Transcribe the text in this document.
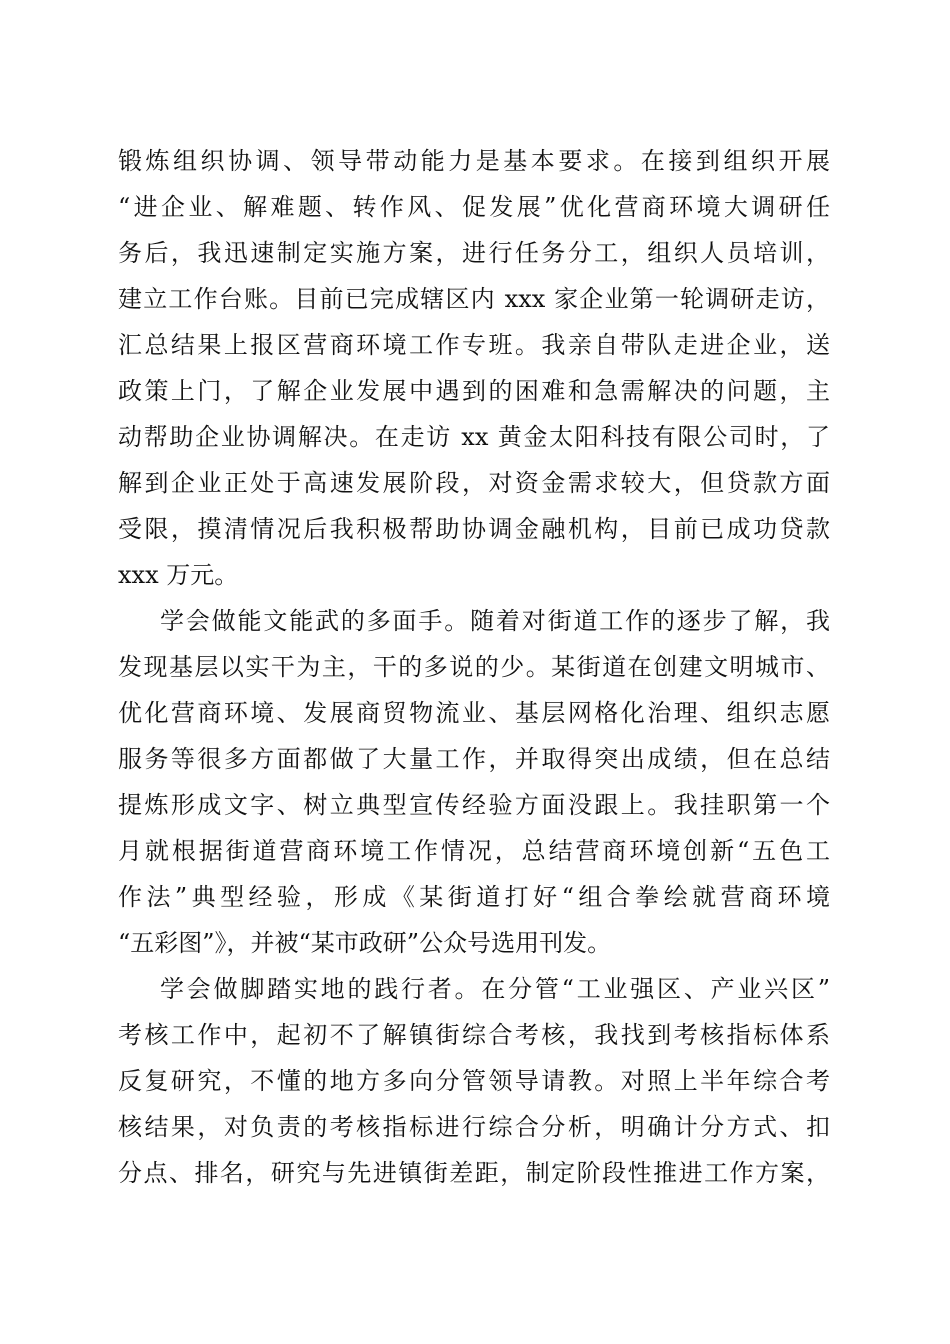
锻炼组织协调、领导带动能力是基本要求。在接到组织开展
“进企业、解难题、转作风、促发展”优化营商环境大调研任
务后，我迅速制定实施方案，进行任务分工，组织人员培训，
建立工作台账。目前已完成辖区内 xxx 家企业第一轮调研走访，
汇总结果上报区营商环境工作专班。我亲自带队走进企业，送
政策上门，了解企业发展中遇到的困难和急需解决的问题，主
动帮助企业协调解决。在走访 xx 黄金太阳科技有限公司时，了
解到企业正处于高速发展阶段，对资金需求较大，但贷款方面
受限，摸清情况后我积极帮助协调金融机构，目前已成功贷款
xxx 万元。
学会做能文能武的多面手。随着对街道工作的逐步了解，我
发现基层以实干为主，干的多说的少。某街道在创建文明城市、
优化营商环境、发展商贸物流业、基层网格化治理、组织志愿
服务等很多方面都做了大量工作，并取得突出成绩，但在总结
提炼形成文字、树立典型宣传经验方面没跟上。我挂职第一个
月就根据街道营商环境工作情况，总结营商环境创新“五色工
作法”典型经验，形成《某街道打好“组合拳绘就营商环境
“五彩图”》，并被“某市政研”公众号选用刊发。
学会做脚踏实地的践行者。在分管“工业强区、产业兴区”
考核工作中，起初不了解镇街综合考核，我找到考核指标体系
反复研究，不懂的地方多向分管领导请教。对照上半年综合考
核结果，对负责的考核指标进行综合分析，明确计分方式、扣
分点、排名，研究与先进镇街差距，制定阶段性推进工作方案，
